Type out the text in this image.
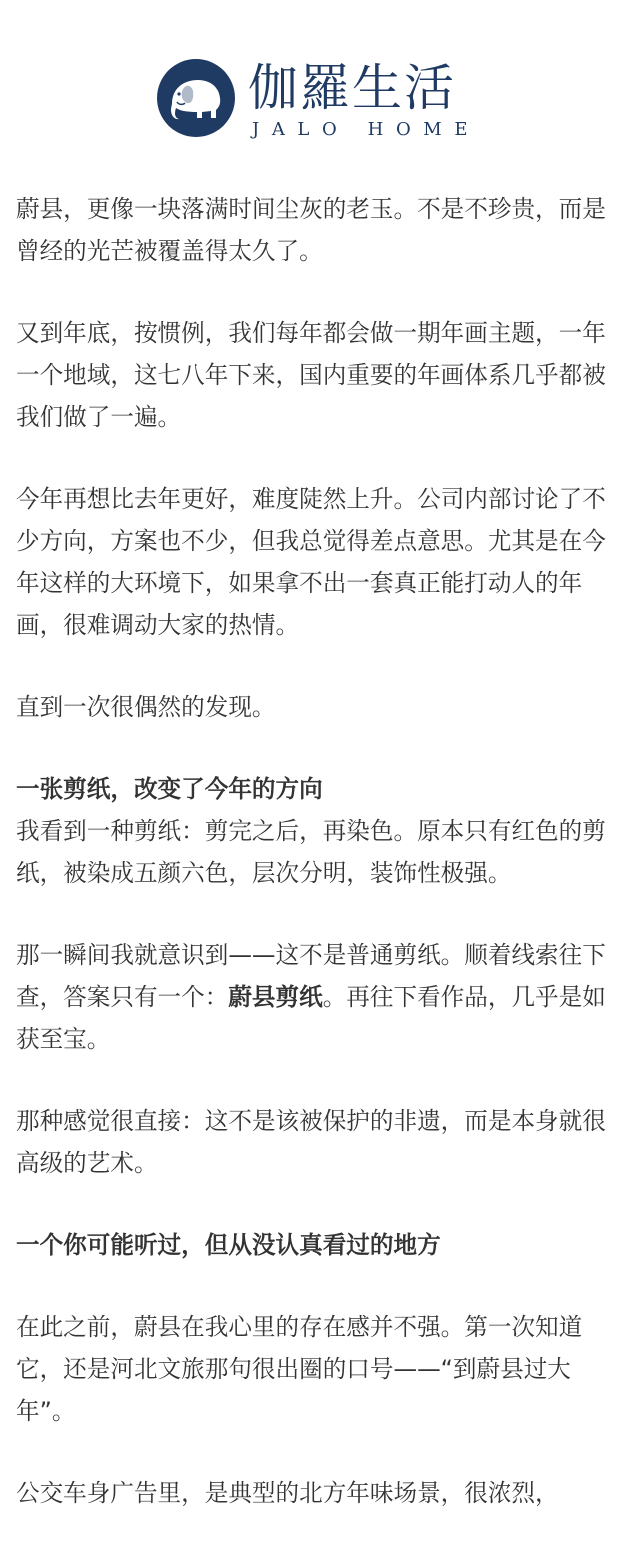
伽羅生活
JALO HOME

蔚县，更像一块落满时间尘灰的老玉。不是不珍贵，而是曾经的光芒被覆盖得太久了。

又到年底，按惯例，我们每年都会做一期年画主题，一年一个地域，这七八年下来，国内重要的年画体系几乎都被我们做了一遍。

今年再想比去年更好，难度陡然上升。公司内部讨论了不少方向，方案也不少，但我总觉得差点意思。尤其是在今年这样的大环境下，如果拿不出一套真正能打动人的年画，很难调动大家的热情。

直到一次很偶然的发现。

一张剪纸，改变了今年的方向

我看到一种剪纸：剪完之后，再染色。原本只有红色的剪纸，被染成五颜六色，层次分明，装饰性极强。

那一瞬间我就意识到——这不是普通剪纸。顺着线索往下查，答案只有一个：蔚县剪纸。再往下看作品，几乎是如获至宝。

那种感觉很直接：这不是该被保护的非遗，而是本身就很高级的艺术。

一个你可能听过，但从没认真看过的地方

在此之前，蔚县在我心里的存在感并不强。第一次知道它，还是河北文旅那句很出圈的口号——“到蔚县过大年”。

公交车身广告里，是典型的北方年味场景，很浓烈，
